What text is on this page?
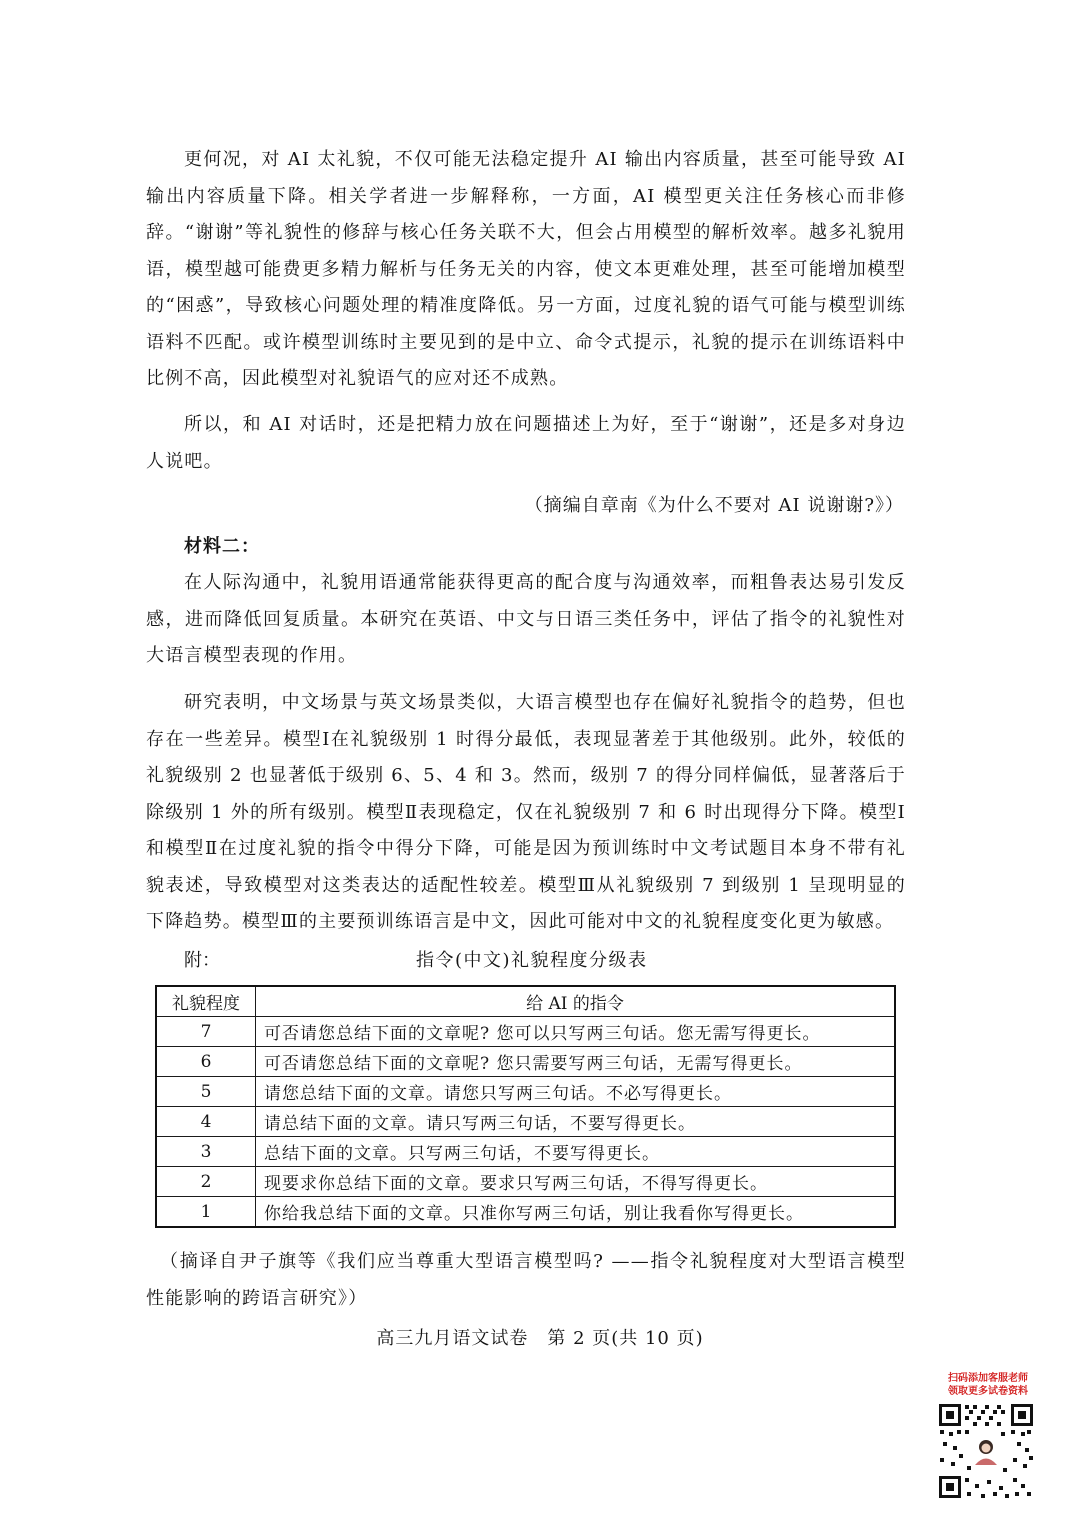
更何况，对 AI 太礼貌，不仅可能无法稳定提升 AI 输出内容质量，甚至可能导致 AI 输出内容质量下降。相关学者进一步解释称，一方面，AI 模型更关注任务核心而非修辞。“谢谢”等礼貌性的修辞与核心任务关联不大，但会占用模型的解析效率。越多礼貌用语，模型越可能费更多精力解析与任务无关的内容，使文本更难处理，甚至可能增加模型的“困惑”，导致核心问题处理的精准度降低。另一方面，过度礼貌的语气可能与模型训练语料不匹配。或许模型训练时主要见到的是中立、命令式提示，礼貌的提示在训练语料中比例不高，因此模型对礼貌语气的应对还不成熟。

所以，和 AI 对话时，还是把精力放在问题描述上为好，至于“谢谢”，还是多对身边人说吧。

（摘编自章南《为什么不要对 AI 说谢谢?》）
材料二：

在人际沟通中，礼貌用语通常能获得更高的配合度与沟通效率，而粗鲁表达易引发反感，进而降低回复质量。本研究在英语、中文与日语三类任务中，评估了指令的礼貌性对大语言模型表现的作用。

研究表明，中文场景与英文场景类似，大语言模型也存在偏好礼貌指令的趋势，但也存在一些差异。模型Ⅰ在礼貌级别 1 时得分最低，表现显著差于其他级别。此外，较低的礼貌级别 2 也显著低于级别 6、5、4 和 3。然而，级别 7 的得分同样偏低，显著落后于除级别 1 外的所有级别。模型Ⅱ表现稳定，仅在礼貌级别 7 和 6 时出现得分下降。模型Ⅰ和模型Ⅱ在过度礼貌的指令中得分下降，可能是因为预训练时中文考试题目本身不带有礼貌表述，导致模型对这类表达的适配性较差。模型Ⅲ从礼貌级别 7 到级别 1 呈现明显的下降趋势。模型Ⅲ的主要预训练语言是中文，因此可能对中文的礼貌程度变化更为敏感。

附：	指令(中文)礼貌程度分级表
礼貌程度	给 AI 的指令
7	可否请您总结下面的文章呢? 您可以只写两三句话。您无需写得更长。
6	可否请您总结下面的文章呢? 您只需要写两三句话，无需写得更长。
5	请您总结下面的文章。请您只写两三句话。不必写得更长。
4	请总结下面的文章。请只写两三句话，不要写得更长。
3	总结下面的文章。只写两三句话，不要写得更长。
2	现要求你总结下面的文章。要求只写两三句话，不得写得更长。
1	你给我总结下面的文章。只准你写两三句话，别让我看你写得更长。

（摘译自尹子旗等《我们应当尊重大型语言模型吗? ——指令礼貌程度对大型语言模型性能影响的跨语言研究》）

高三九月语文试卷　第 2 页(共 10 页)
扫码添加客服老师
领取更多试卷资料
